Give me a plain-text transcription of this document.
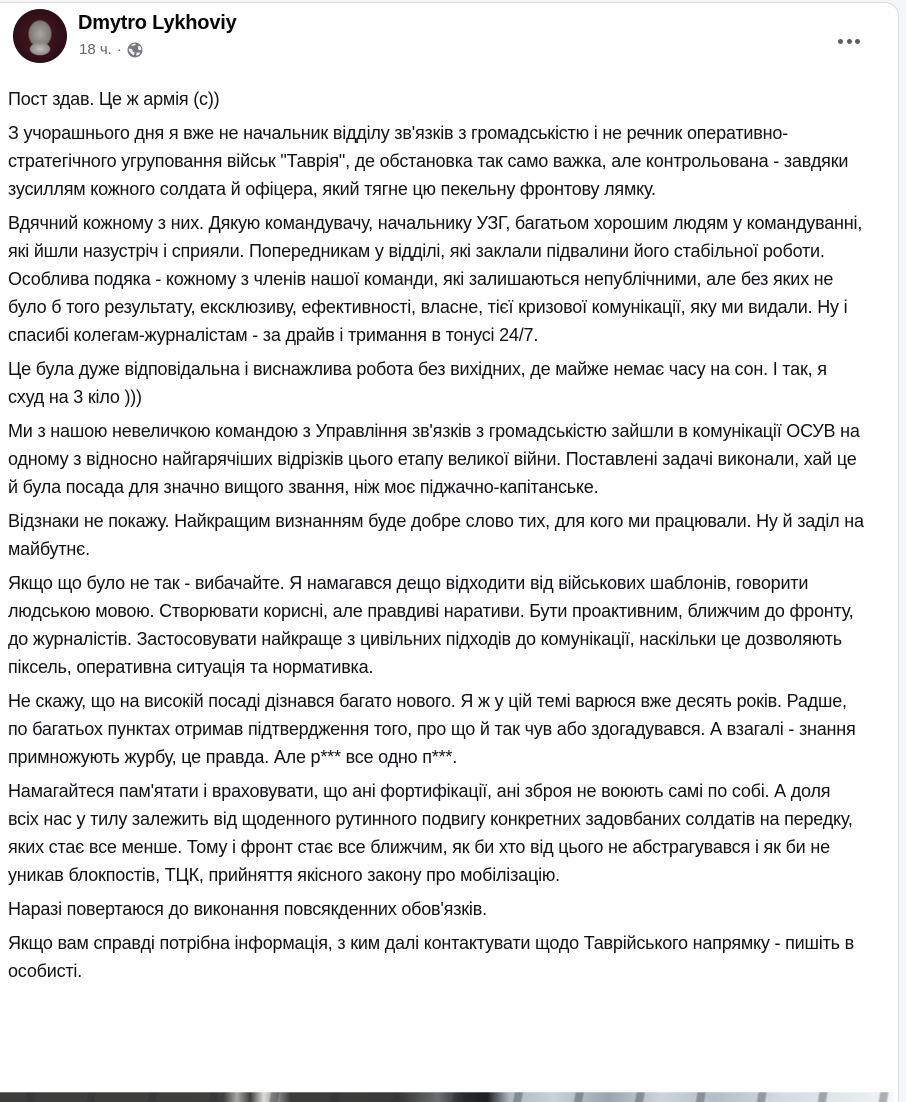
Dmytro Lykhoviy
18 ч. ·

Пост здав. Це ж армія (с))

З учорашнього дня я вже не начальник відділу зв'язків з громадськістю і не речник оперативно-стратегічного угруповання військ "Таврія", де обстановка так само важка, але контрольована - завдяки зусиллям кожного солдата й офіцера, який тягне цю пекельну фронтову лямку.

Вдячний кожному з них. Дякую командувачу, начальнику УЗГ, багатьом хорошим людям у командуванні, які йшли назустріч і сприяли. Попередникам у відділі, які заклали підвалини його стабільної роботи. Особлива подяка - кожному з членів нашої команди, які залишаються непублічними, але без яких не було б того результату, ексклюзиву, ефективності, власне, тієї кризової комунікації, яку ми видали. Ну і спасибі колегам-журналістам - за драйв і тримання в тонусі 24/7.

Це була дуже відповідальна і виснажлива робота без вихідних, де майже немає часу на сон. І так, я схуд на 3 кіло )))

Ми з нашою невеличкою командою з Управління зв'язків з громадськістю зайшли в комунікації ОСУВ на одному з відносно найгарячіших відрізків цього етапу великої війни. Поставлені задачі виконали, хай це й була посада для значно вищого звання, ніж моє піджачно-капітанське.

Відзнаки не покажу. Найкращим визнанням буде добре слово тих, для кого ми працювали. Ну й заділ на майбутнє.

Якщо що було не так - вибачайте. Я намагався дещо відходити від військових шаблонів, говорити людською мовою. Створювати корисні, але правдиві наративи. Бути проактивним, ближчим до фронту, до журналістів. Застосовувати найкраще з цивільних підходів до комунікації, наскільки це дозволяють піксель, оперативна ситуація та нормативка.

Не скажу, що на високій посаді дізнався багато нового. Я ж у цій темі варюся вже десять років. Радше, по багатьох пунктах отримав підтвердження того, про що й так чув або здогадувався. А взагалі - знання примножують журбу, це правда. Але р*** все одно п***.

Намагайтеся пам'ятати і враховувати, що ані фортифікації, ані зброя не воюють самі по собі. А доля всіх нас у тилу залежить від щоденного рутинного подвигу конкретних задовбаних солдатів на передку, яких стає все менше. Тому і фронт стає все ближчим, як би хто від цього не абстрагувався і як би не уникав блокпостів, ТЦК, прийняття якісного закону про мобілізацію.

Наразі повертаюся до виконання повсякденних обов'язків.

Якщо вам справді потрібна інформація, з ким далі контактувати щодо Таврійського напрямку - пишіть в особисті.
